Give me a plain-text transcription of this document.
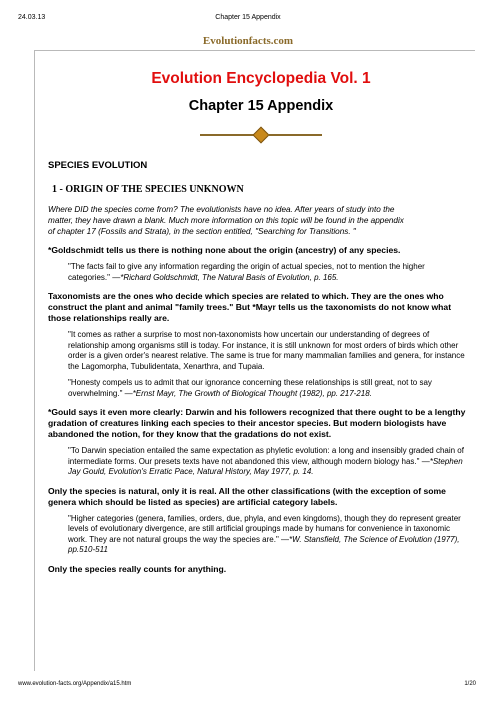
24.03.13	Chapter 15 Appendix
Evolutionfacts.com
Evolution Encyclopedia Vol. 1
Chapter 15 Appendix
SPECIES EVOLUTION
1 - ORIGIN OF THE SPECIES UNKNOWN
Where DID the species come from? The evolutionists have no idea. After years of study into the
matter, they have drawn a blank. Much more information on this topic will be found in the appendix
of chapter 17 (Fossils and Strata), in the section entitled, "Searching for Transitions. "
*Goldschmidt tells us there is nothing none about the origin (ancestry) of any species.
"The facts fail to give any information regarding the origin of actual species, not to mention the higher categories." —*Richard Goldschmidt, The Natural Basis of Evolution, p. 165.
Taxonomists are the ones who decide which species are related to which. They are the ones who construct the plant and animal "family trees." But *Mayr tells us the taxonomists do not know what those relationships really are.
"It comes as rather a surprise to most non-taxonomists how uncertain our understanding of degrees of relationship among organisms still is today. For instance, it is still unknown for most orders of birds which other order is a given order's nearest relative. The same is true for many mammalian families and genera, for instance the Lagomorpha, Tubulidentata, Xenarthra, and Tupaia.
"Honesty compels us to admit that our ignorance concerning these relationships is still great, not to say overwhelming." —*Ernst Mayr, The Growth of Biological Thought (1982), pp. 217-218.
*Gould says it even more clearly: Darwin and his followers recognized that there ought to be a lengthy gradation of creatures linking each species to their ancestor species. But modern biologists have abandoned the notion, for they know that the gradations do not exist.
"To Darwin speciation entailed the same expectation as phyletic evolution: a long and insensibly graded chain of intermediate forms. Our presets texts have not abandoned this view, although modern biology has." —*Stephen Jay Gould, Evolution's Erratic Pace, Natural History, May 1977, p. 14.
Only the species is natural, only it is real. All the other classifications (with the exception of some genera which should be listed as species) are artificial category labels.
"Higher categories (genera, families, orders, due, phyla, and even kingdoms), though they do represent greater levels of evolutionary divergence, are still artificial groupings made by humans for convenience in taxonomic work. They are not natural groups the way the species are." —*W. Stansfield, The Science of Evolution (1977), pp.510-511
Only the species really counts for anything.
www.evolution-facts.org/Appendix/a15.htm	1/20
